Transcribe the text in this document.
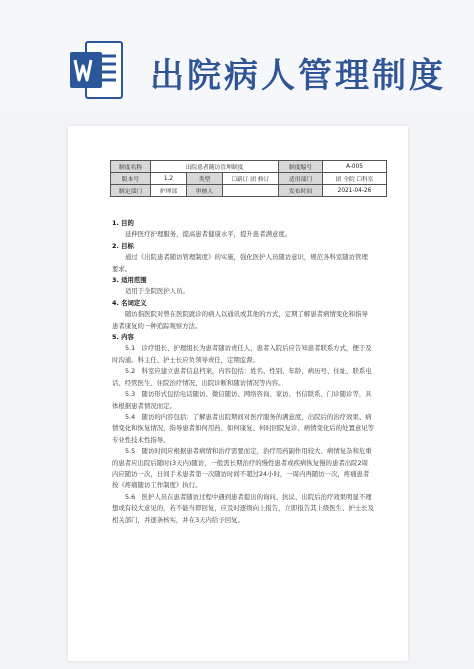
出院病人管理制度
制度名称	出院患者随访管理制度			制度编号	A-005
版本号	1.2	类型	☐新订 团 修订	适用部门	团 全院 ☐科室
制定部门	护理部	审核人		发布时间	2021-04-26

1. 目的

延伸医疗护理服务，提高患者健康水平，提升患者满意度。

2. 目标

通过《出院患者随访管理制度》的实施，强化医护人员随访意识，规范各科室随访管理要求。

3. 适用范围

适用于全院医护人员。

4. 名词定义

随访指医院对曾在医院就诊的病人以通讯或其他的方式，定期了解患者病情变化和指导患者康复的一种追踪观察方法。

5. 内容

5.1　诊疗组长、护理组长为患者随访责任人，患者入院后应告知患者联系方式，便于及时沟通。科主任、护士长应负领导责任，定期监督。

5.2　科室应建立患者信息档案，内容包括：姓名、性别、年龄、病历号、住址、联系电话、经管医生、住院治疗情况、出院诊断和随访情况等内容。

5.3　随访形式包括电话随访、微信随访、网络咨询、家访、书信联系、门诊随诊等，具体根据患者情况而定。

5.4　随访的内容包括：了解患者出院期间对医疗服务的满意度，出院后的治疗效果、病情变化和恢复情况，指导患者如何用药、如何康复、何时回院复诊、病情变化后的处置意见等专业性技术性指导。

5.5　随访时间应根据患者病情和治疗需要而定，治疗用药副作用较大、病情复杂和危重的患者应出院后随时(3天内)随访，一般需长期治疗的慢性患者或疾病恢复慢的患者出院2周内应随访一次，日间手术患者第一次随访时间不超过24小时，一周内再随访一次，疼痛患者按《疼痛随访工作制度》执行。

5.6　医护人员在患者随访过程中遇到患者提出的询问、抗议、出院后治疗效果明显不理想或有较大意见的，若不能当即回复，应及时逐级向上报告，立即报告其上级医生、护士长及相关部门，并逐条核实，并在3天内给予回复。
